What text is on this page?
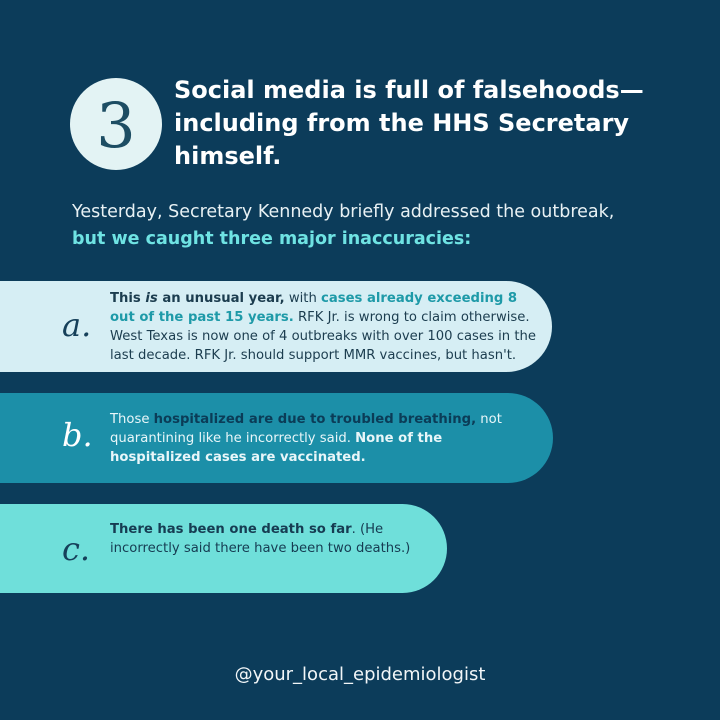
3 Social media is full of falsehoods—including from the HHS Secretary himself.
Yesterday, Secretary Kennedy briefly addressed the outbreak,
but we caught three major inaccuracies:
a.
This is an unusual year, with cases already exceeding 8 out of the past 15 years. RFK Jr. is wrong to claim otherwise. West Texas is now one of 4 outbreaks with over 100 cases in the last decade. RFK Jr. should support MMR vaccines, but hasn't.
b. Those hospitalized are due to troubled breathing, not quarantining like he incorrectly said. None of the hospitalized cases are vaccinated.
c.
There has been one death so far. (He incorrectly said there have been two deaths.)
@your_local_epidemiologist
